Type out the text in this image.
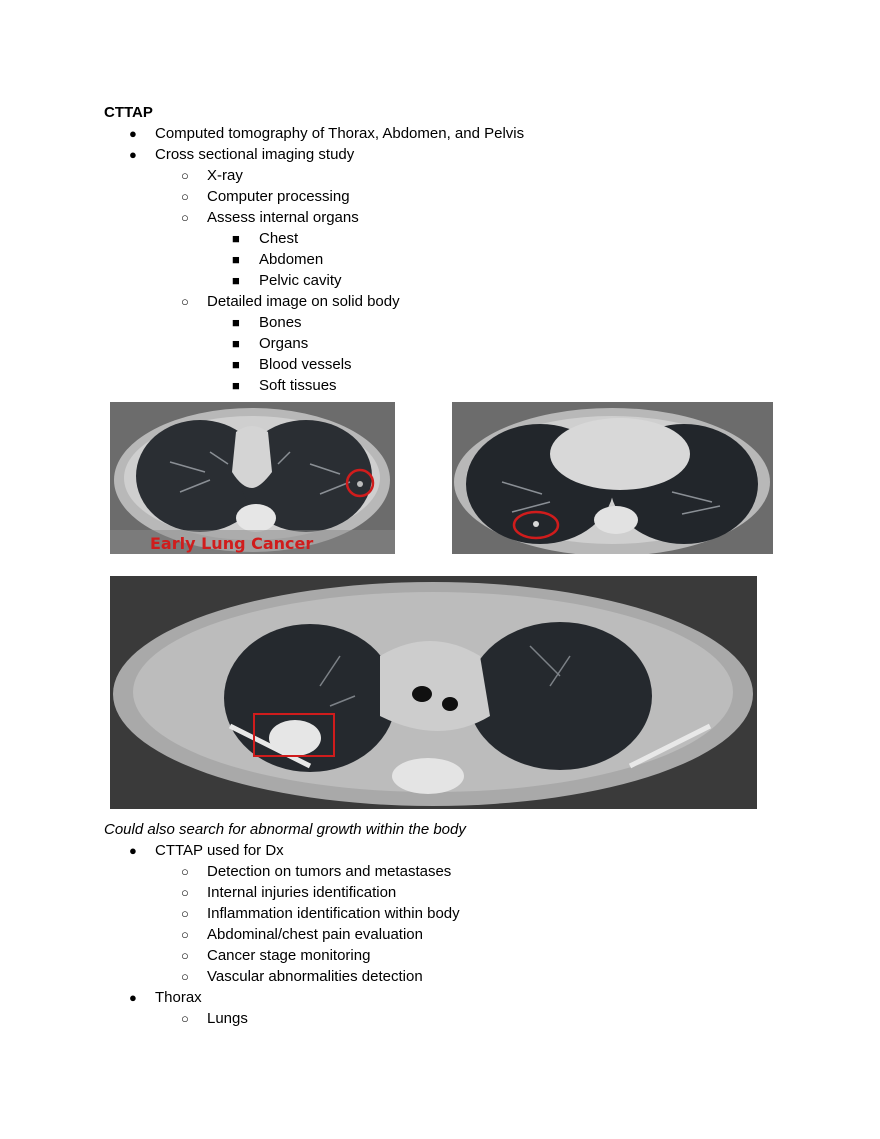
CTTAP
● Computed tomography of Thorax, Abdomen, and Pelvis
● Cross sectional imaging study
○ X-ray
○ Computer processing
○ Assess internal organs
■ Chest
■ Abdomen
■ Pelvic cavity
○ Detailed image on solid body
■ Bones
■ Organs
■ Blood vessels
■ Soft tissues
Early Lung Cancer
Could also search for abnormal growth within the body
● CTTAP used for Dx
○ Detection on tumors and metastases
○ Internal injuries identification
○ Inflammation identification within body
○ Abdominal/chest pain evaluation
○ Cancer stage monitoring
○ Vascular abnormalities detection
● Thorax
○ Lungs
